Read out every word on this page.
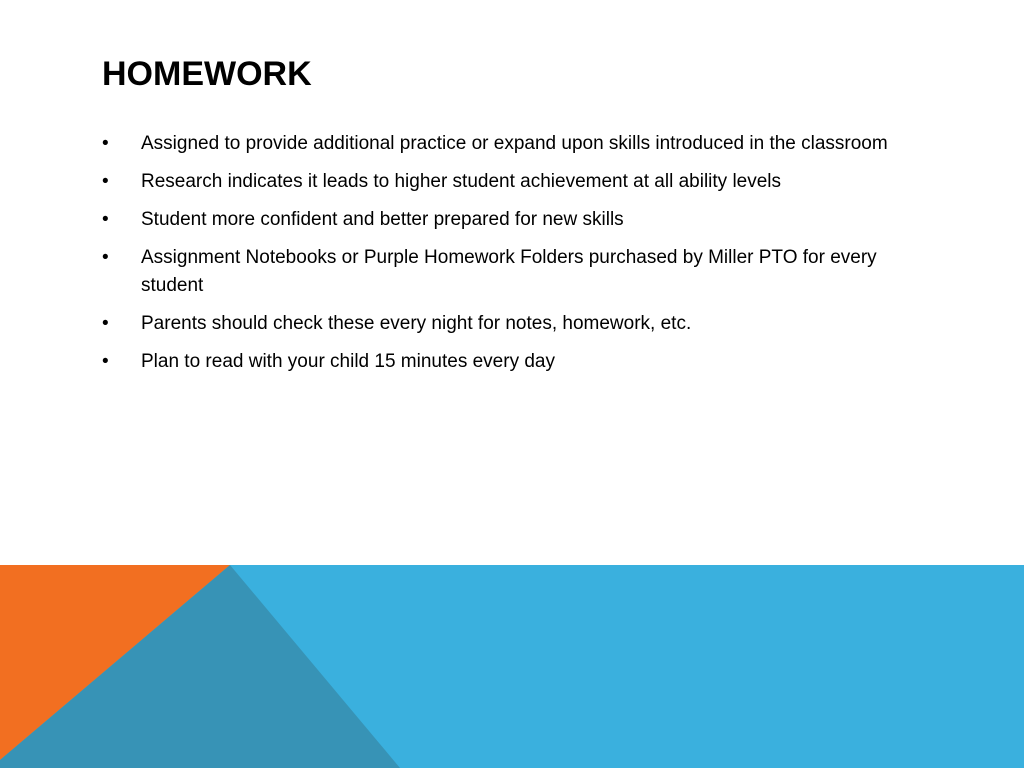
HOMEWORK
•	Assigned to provide additional practice or expand upon skills introduced in the classroom
•	Research indicates it leads to higher student achievement at all ability levels
•	Student more confident and better prepared for new skills
•	Assignment Notebooks or Purple Homework Folders purchased by Miller PTO for every student
•	Parents should check these every night for notes, homework, etc.
•	Plan to read with your child 15 minutes every day
